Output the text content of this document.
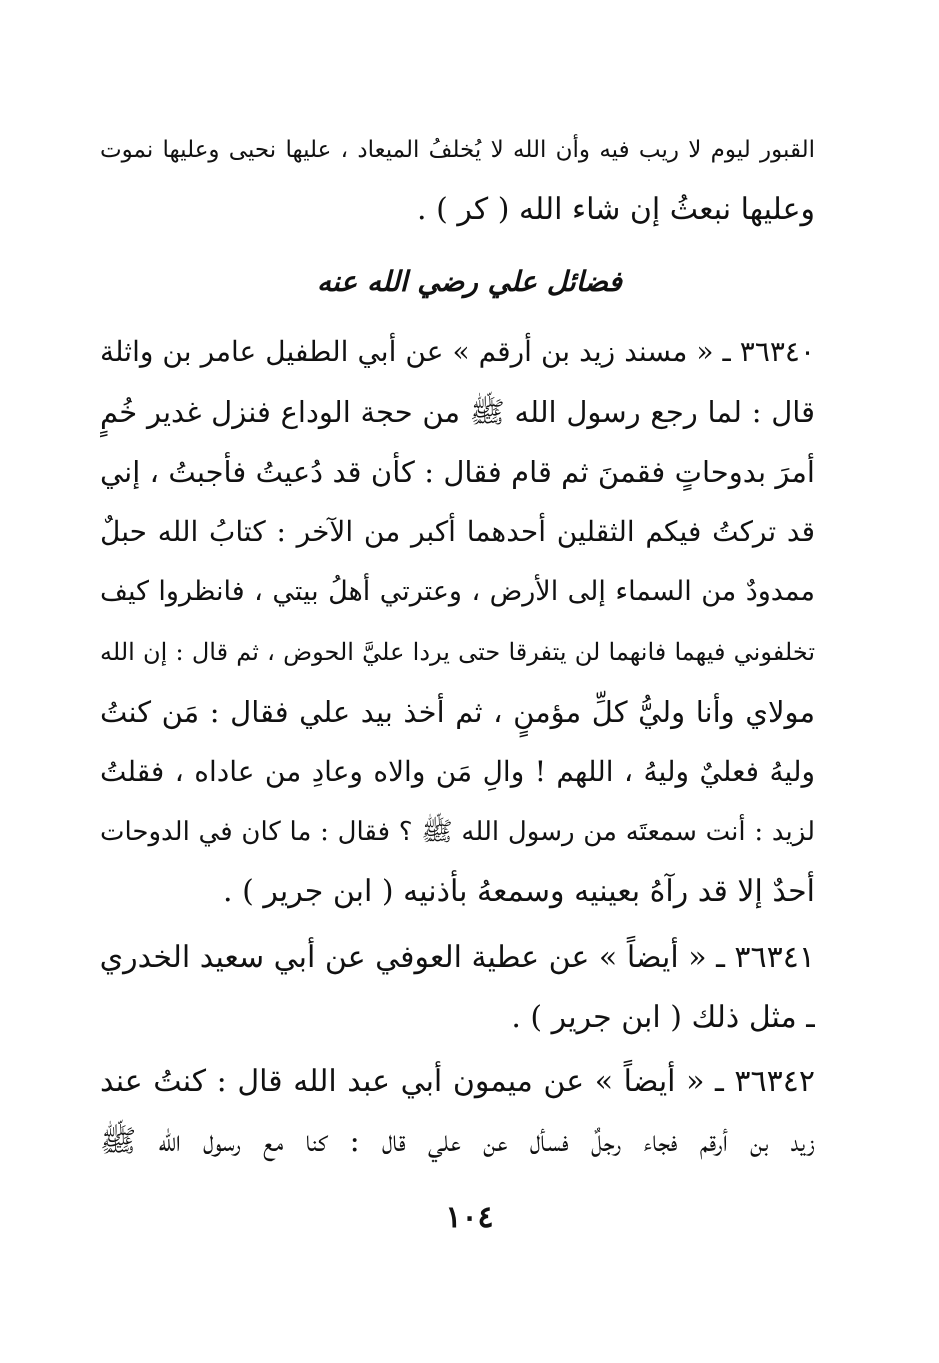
القبور ليوم لا ريب فيه وأن الله لا يُخلفُ الميعاد ، عليها نحيى وعليها نموت
وعليها نبعثُ إن شاء الله ( كر ) .
فضائل علي رضي الله عنه
٣٦٣٤٠ ـ « مسند زيد بن أرقم » عن أبي الطفيل عامر بن واثلة
قال : لما رجع رسول الله ﷺ من حجة الوداع فنزل غدير خُمٍ
أمرَ بدوحاتٍ فقمنَ ثم قام فقال : كأن قد دُعيتُ فأجبتُ ، إني
قد تركتُ فيكم الثقلين أحدهما أكبر من الآخر : كتابُ الله حبلٌ
ممدودٌ من السماء إلى الأرض ، وعترتي أهلُ بيتي ، فانظروا كيف
تخلفوني فيهما فانهما لن يتفرقا حتى يردا عليَّ الحوض ، ثم قال : إن الله
مولاي وأنا وليُّ كلِّ مؤمنٍ ، ثم أخذ بيد علي فقال : مَن كنتُ
وليهُ فعليٌ وليهُ ، اللهم ! والِ مَن والاه وعادِ من عاداه ، فقلتُ
لزيد : أنت سمعتَه من رسول الله ﷺ ؟ فقال : ما كان في الدوحات
أحدٌ إلا قد رآهُ بعينيه وسمعهُ بأذنيه ( ابن جرير ) .
٣٦٣٤١ ـ « أيضاً » عن عطية العوفي عن أبي سعيد الخدري
ـ مثل ذلك ( ابن جرير ) .
٣٦٣٤٢ ـ « أيضاً » عن ميمون أبي عبد الله قال : كنتُ عند
زيد بن أرقم فجاء رجلٌ فسأل عن علي قال : كنا مع رسول الله ﷺ
١٠٤
